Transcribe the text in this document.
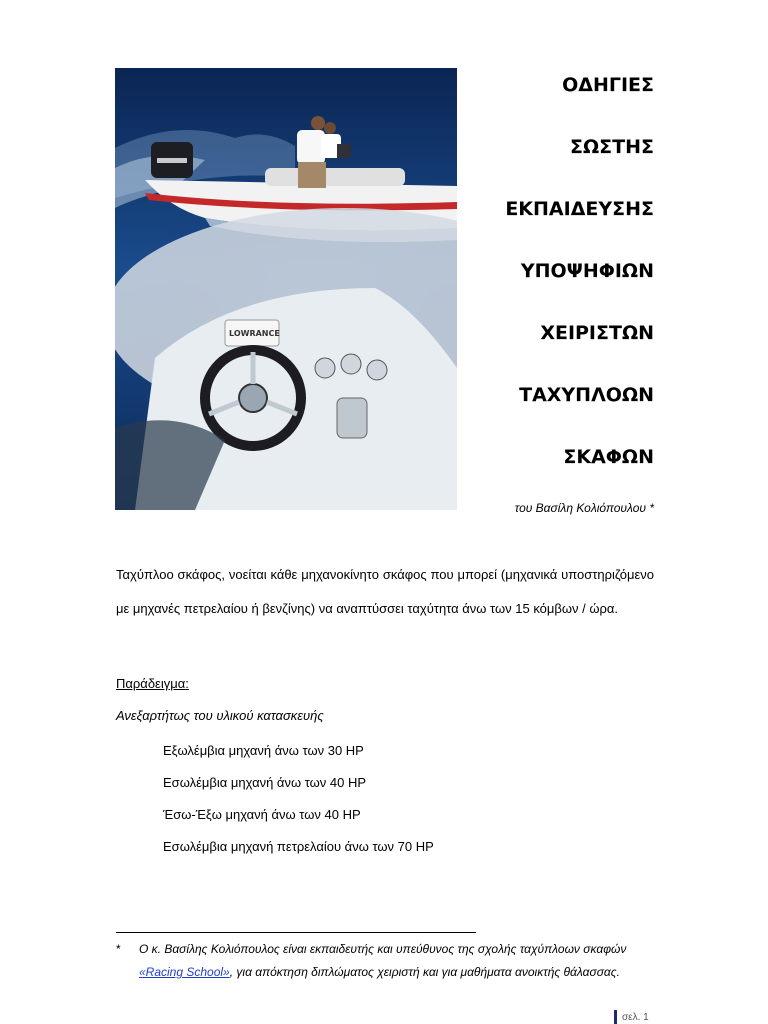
LOWRANCE
ΟΔΗΓΙΕΣ
ΣΩΣΤΗΣ
ΕΚΠΑΙΔΕΥΣΗΣ
ΥΠΟΨΗΦΙΩΝ
ΧΕΙΡΙΣΤΩΝ
ΤΑΧΥΠΛΟΩΝ
ΣΚΑΦΩΝ
του Βασίλη Κολιόπουλου *

Ταχύπλοο σκάφος, νοείται κάθε μηχανοκίνητο σκάφος που μπορεί (μηχανικά υποστηριζόμενο με μηχανές πετρελαίου ή βενζίνης) να αναπτύσσει ταχύτητα άνω των 15 κόμβων / ώρα.

Παράδειγμα:
Ανεξαρτήτως του υλικού κατασκευής
Εξωλέμβια μηχανή άνω των 30 HP
Εσωλέμβια μηχανή άνω των 40 HP
Έσω-Έξω μηχανή άνω των 40 HP
Εσωλέμβια μηχανή πετρελαίου άνω των 70 HP
* Ο κ. Βασίλης Κολιόπουλος είναι εκπαιδευτής και υπεύθυνος της σχολής ταχύπλοων σκαφών «Racing School», για απόκτηση διπλώματος χειριστή και για μαθήματα ανοικτής θάλασσας.
σελ. 1
